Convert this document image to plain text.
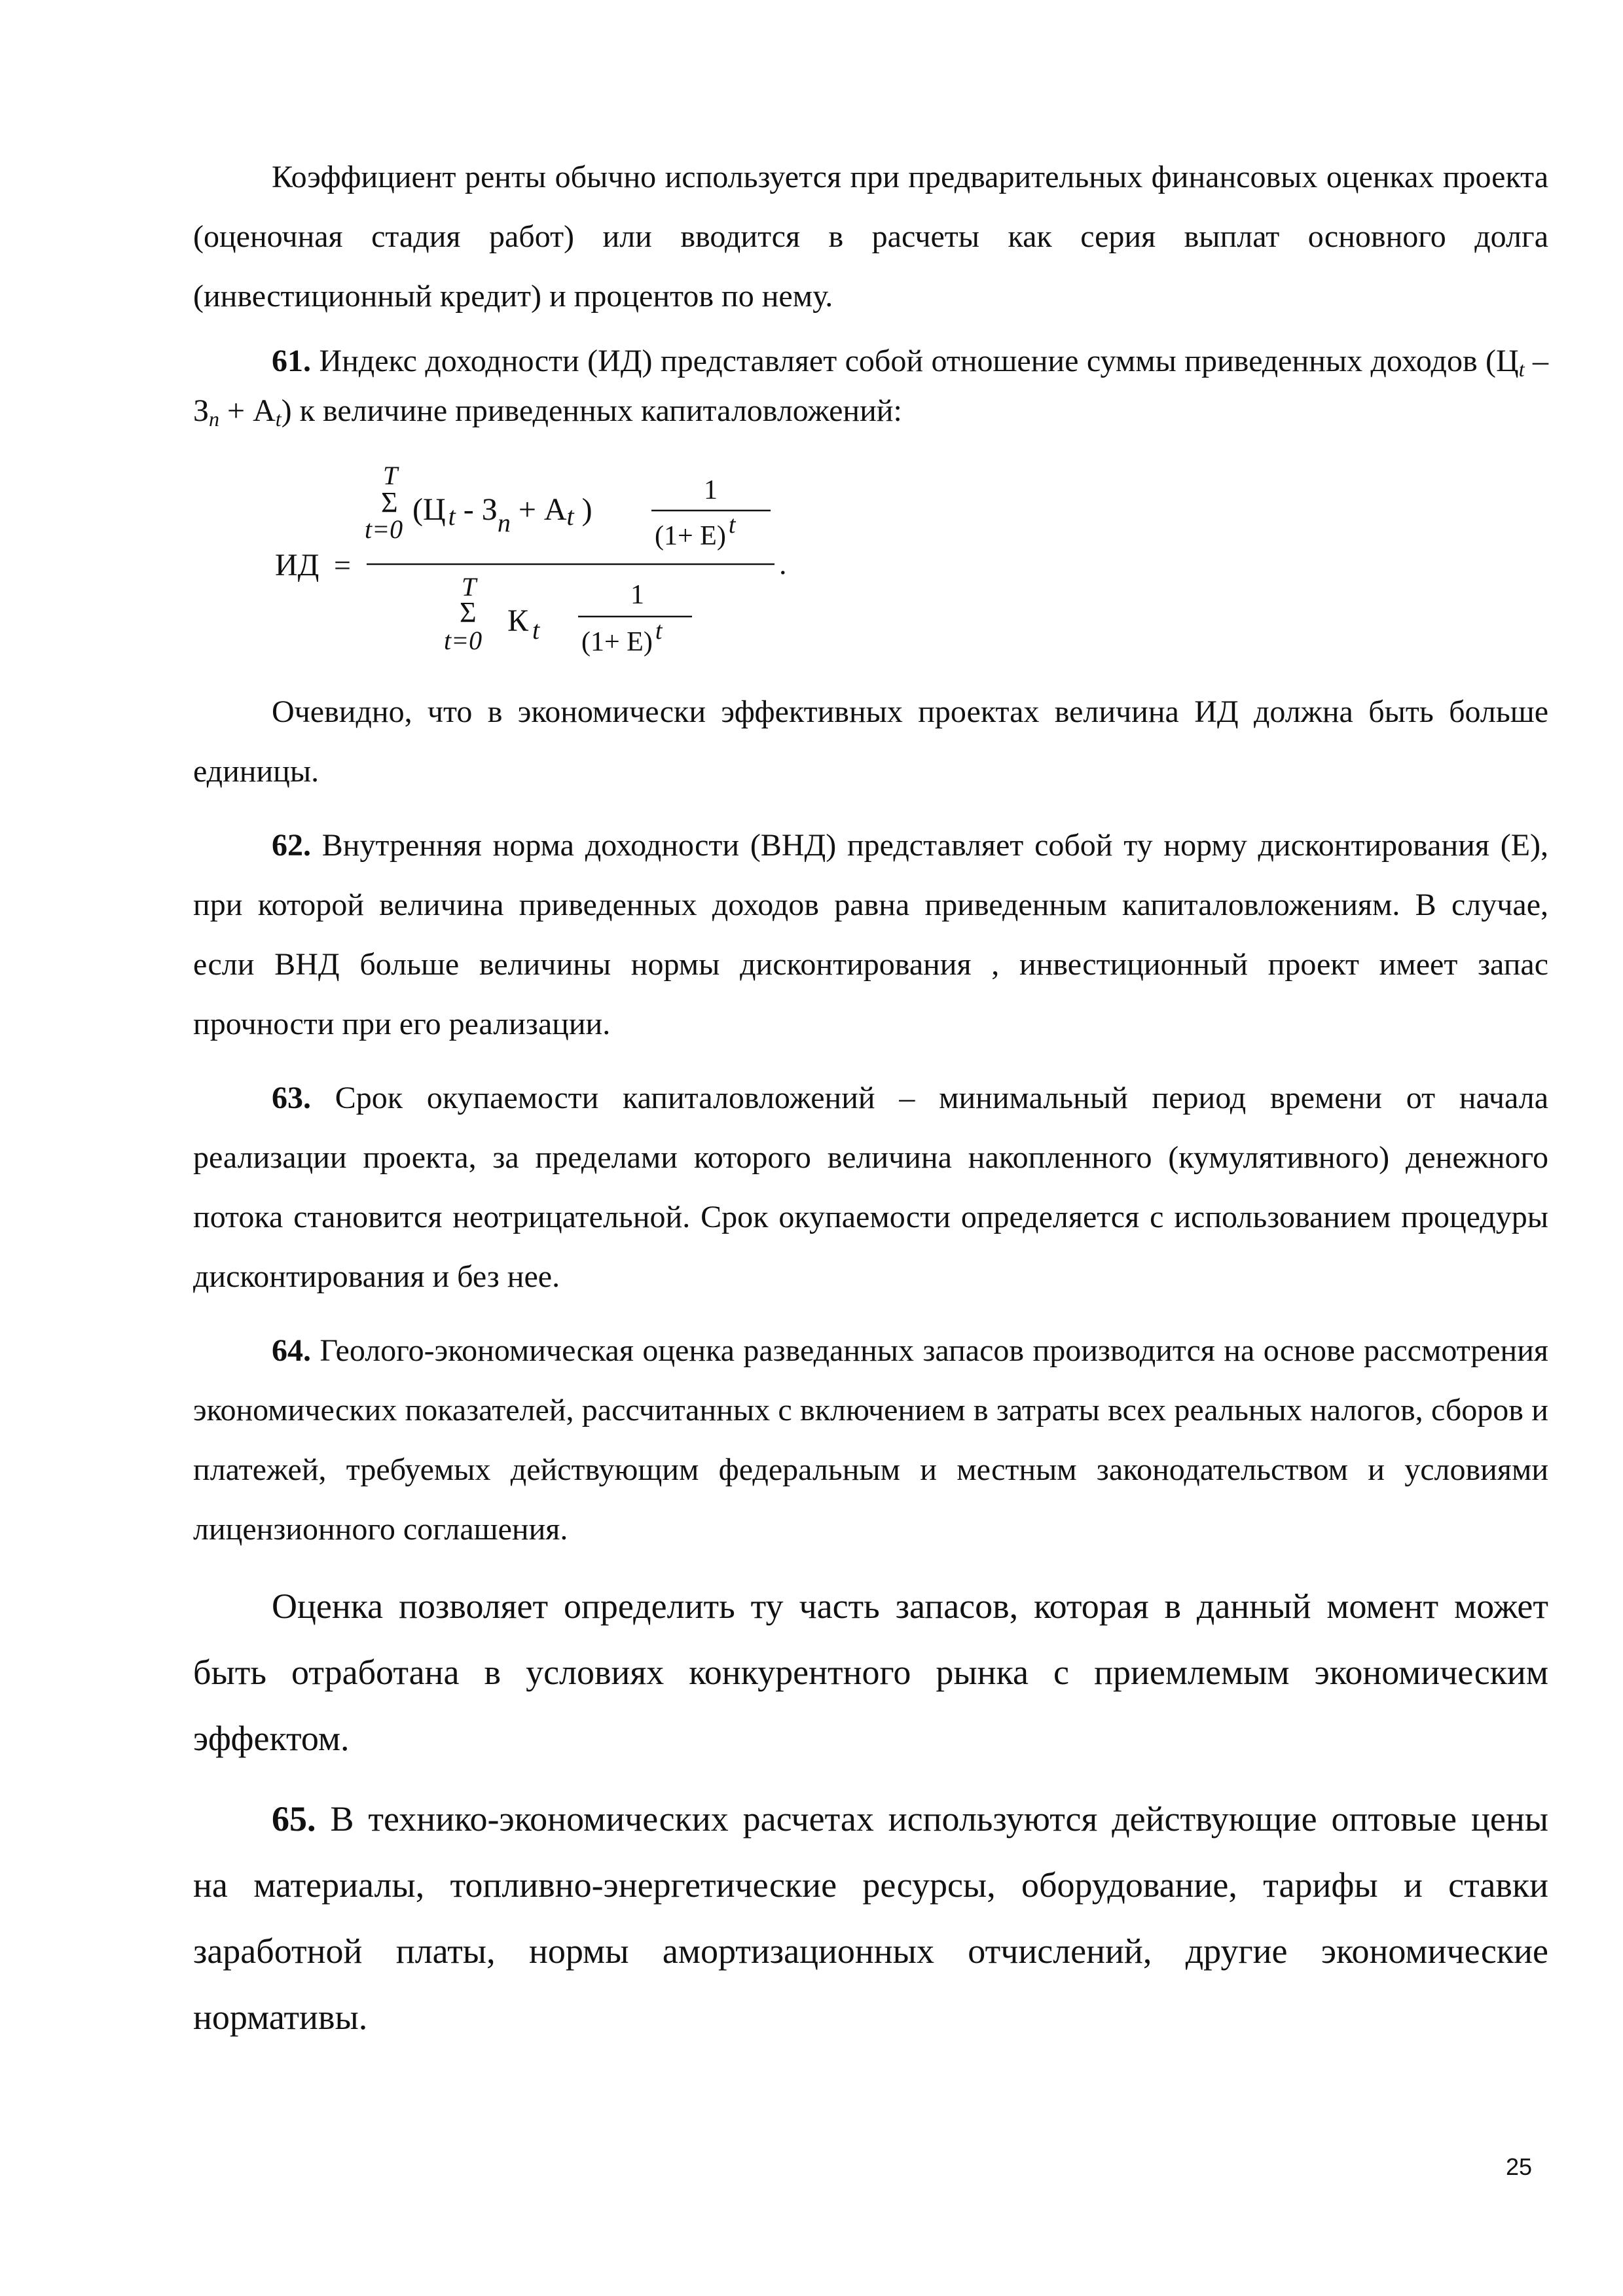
Коэффициент ренты обычно используется при предварительных финансовых оценках проекта (оценочная стадия работ) или вводится в расчеты как серия выплат основного долга (инвестиционный кредит) и процентов по нему.

61. Индекс доходности (ИД) представляет собой отношение суммы приведенных доходов $(Ц_t - З_n + А_t)$ к величине приведенных капиталовложений:

ИД =
T
Σ
t=0
(Ц t - $З_n$ + Аt )
1
(1+ Е) t
.
T
Σ
t=0
К $_t$
1
(1+ Е) t

Очевидно, что в экономически эффективных проектах величина ИД должна быть больше единицы.

62. Внутренняя норма доходности (ВНД) представляет собой ту норму дисконтирования (Е), при которой величина приведенных доходов равна приведенным капиталовложениям. В случае, если ВНД больше величины нормы дисконтирования , инвестиционный проект имеет запас прочности при его реализации.

63. Срок окупаемости капиталовложений – минимальный период времени от начала реализации проекта, за пределами которого величина накопленного (кумулятивного) денежного потока становится неотрицательной. Срок окупаемости определяется с использованием процедуры дисконтирования и без нее.

64. Геолого-экономическая оценка разведанных запасов производится на основе рассмотрения экономических показателей, рассчитанных с включением в затраты всех реальных налогов, сборов и платежей, требуемых действующим федеральным и местным законодательством и условиями лицензионного соглашения.

Оценка позволяет определить ту часть запасов, которая в данный момент может быть отработана в условиях конкурентного рынка с приемлемым экономическим эффектом.

65. В технико-экономических расчетах используются действующие оптовые цены на материалы, топливно-энергетические ресурсы, оборудование, тарифы и ставки заработной платы, нормы амортизационных отчислений, другие экономические нормативы.

25
